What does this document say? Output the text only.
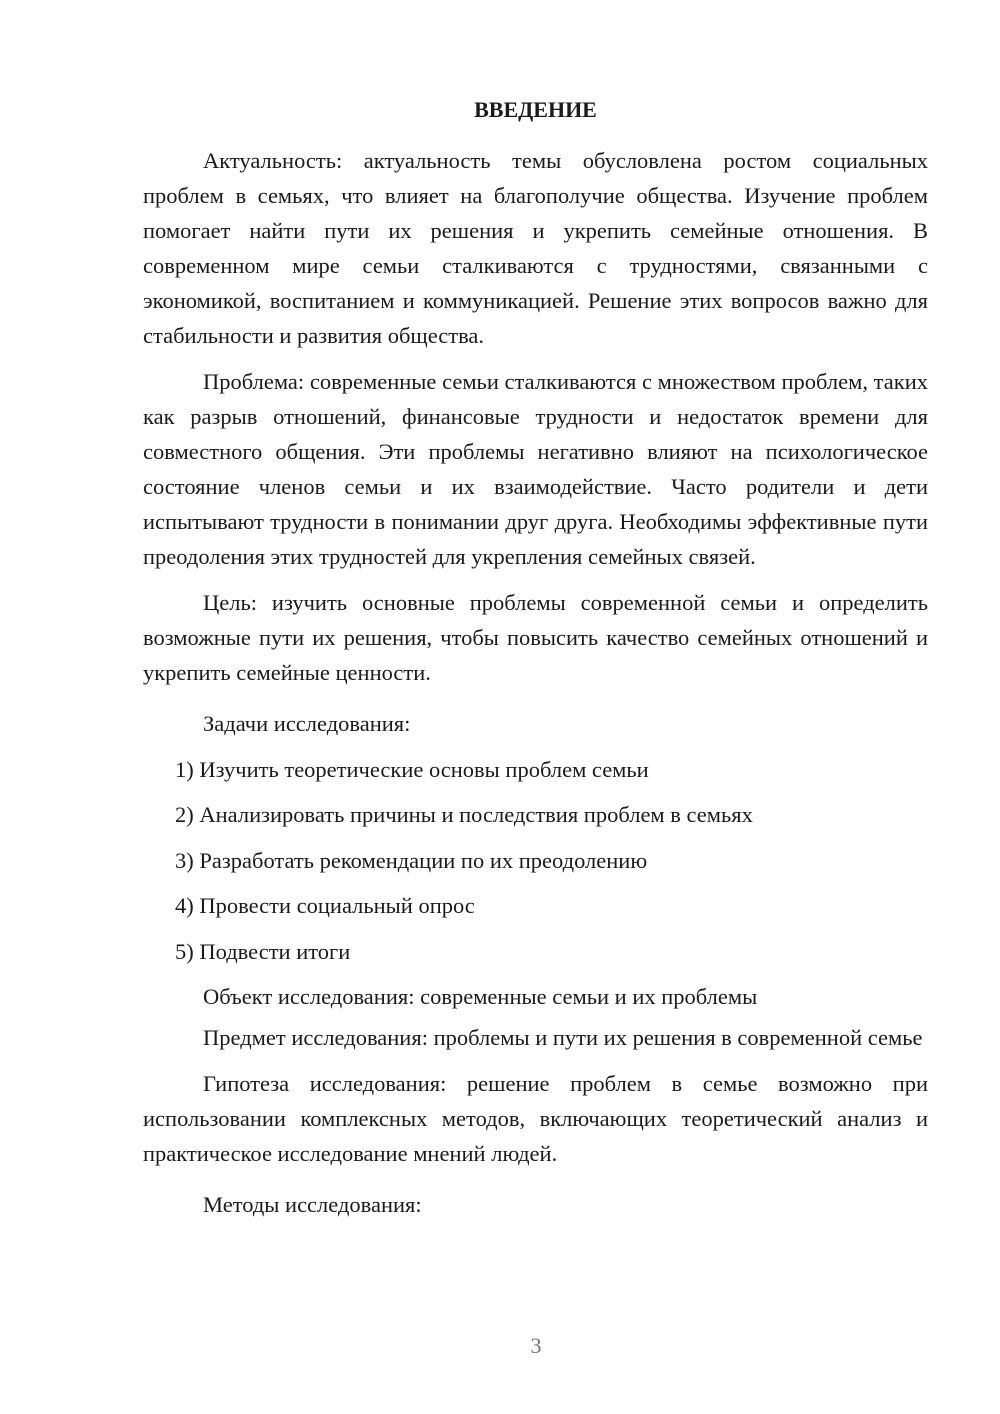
ВВЕДЕНИЕ

Актуальность: актуальность темы обусловлена ростом социальных проблем в семьях, что влияет на благополучие общества. Изучение проблем помогает найти пути их решения и укрепить семейные отношения. В современном мире семьи сталкиваются с трудностями, связанными с экономикой, воспитанием и коммуникацией. Решение этих вопросов важно для стабильности и развития общества.

Проблема: современные семьи сталкиваются с множеством проблем, таких как разрыв отношений, финансовые трудности и недостаток времени для совместного общения. Эти проблемы негативно влияют на психологическое состояние членов семьи и их взаимодействие. Часто родители и дети испытывают трудности в понимании друг друга. Необходимы эффективные пути преодоления этих трудностей для укрепления семейных связей.

Цель: изучить основные проблемы современной семьи и определить возможные пути их решения, чтобы повысить качество семейных отношений и укрепить семейные ценности.

Задачи исследования:

1) Изучить теоретические основы проблем семьи
2) Анализировать причины и последствия проблем в семьях
3) Разработать рекомендации по их преодолению
4) Провести социальный опрос
5) Подвести итоги

Объект исследования: современные семьи и их проблемы

Предмет исследования: проблемы и пути их решения в современной семье

Гипотеза исследования: решение проблем в семье возможно при использовании комплексных методов, включающих теоретический анализ и практическое исследование мнений людей.

Методы исследования:

3
